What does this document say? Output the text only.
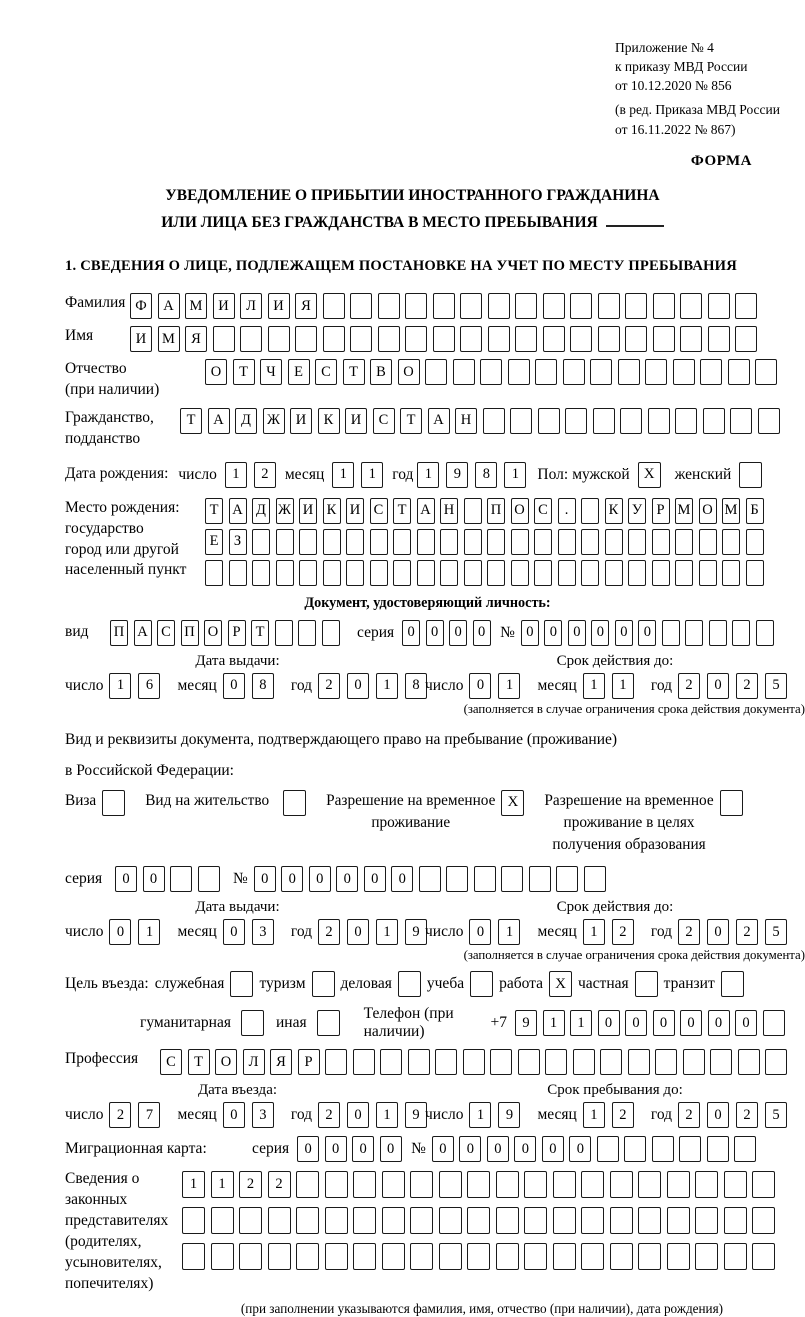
Приложение № 4
к приказу МВД России
от 10.12.2020 № 856
(в ред. Приказа МВД России
от 16.11.2022 № 867)
ФОРМА
УВЕДОМЛЕНИЕ О ПРИБЫТИИ ИНОСТРАННОГО ГРАЖДАНИНА
ИЛИ ЛИЦА БЕЗ ГРАЖДАНСТВА В МЕСТО ПРЕБЫВАНИЯ
1. СВЕДЕНИЯ О ЛИЦЕ, ПОДЛЕЖАЩЕМ ПОСТАНОВКЕ НА УЧЕТ ПО МЕСТУ ПРЕБЫВАНИЯ
Фамилия Ф	А	М	И	Л	И	Я
Имя	И	М	Я
Отчество
(при наличии)
О	Т	Ч	Е	С	Т	В	О
Гражданство,
подданство
Т	А	Д	Ж	И	К	И	С	Т	А	Н
Дата рождения: число	1	2	месяц	1	1	год 1	9	8	1	Пол: мужской X	женский
Место рождения:
государство
город или другой
населенный пункт
Т А Д Ж И К И С Т А Н	П О С	.	К У Р М О М Б
Е	З
Документ, удостоверяющий личность:
вид	П А С П О Р	Т	серия 0	0	0	0 № 0	0	0	0	0	0
Дата выдачи:
число 1	6	месяц 0	8	год 2	0	1	8
Срок действия до:
число 0	1	месяц 1	1	год 2	0	2	5
(заполняется в случае ограничения срока действия документа)
Вид и реквизиты документа, подтверждающего право на пребывание (проживание)
в Российской Федерации:
Виза	Вид на жительство	Разрешение на временное
проживание
X	Разрешение на временное
проживание в целях
получения образования
серия	0	0	№ 0	0	0	0	0	0
Дата выдачи:
число 0	1	месяц 0	3	год 2	0	1	9
Срок действия до:
число 0	1	месяц 1	2	год 2	0	2	5
(заполняется в случае ограничения срока действия документа)
Цель въезда: служебная туризм деловая учеба работа X частная транзит
гуманитарная	иная
Телефон (при наличии)
+7	9	1	1	0	0	0	0	0	0
Профессия	С	Т	О	Л	Я	Р
Дата въезда:
число 2	7	месяц 0	3	год 2	0	1	9
Срок пребывания до:
число 1	9	месяц 1	2	год 2	0	2	5
Миграционная карта:	серия	0	0	0	0	№ 0	0	0	0	0	0
Сведения о
законных
представителях
(родителях,
усыновителях,
попечителях)
1	1	2	2
(при заполнении указываются фамилия, имя, отчество (при наличии), дата рождения)
